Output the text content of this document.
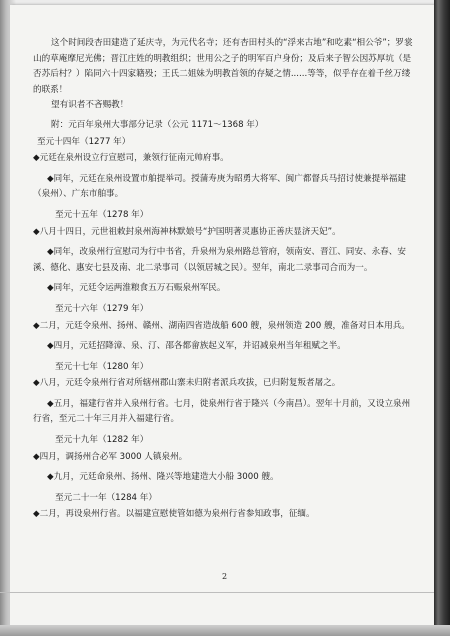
这个时间段杏田建造了延庆寺，为元代名寺；还有杏田村头的“浮来古地”和吃素“相公爷”；罗裳山的草庵摩尼光佛；晋江庄姓的明教组织；世用公之子的明军百户身份；及后来子智公因苏厚坑（是否苏后村？）陷同六十四家籍殁；王氏二姐妹为明教首领的存疑之情......等等，似乎存在着千丝万缕的联系！

望有识者不吝赐教！

附：元百年泉州大事部分记录（公元 1171～1368 年）

至元十四年（1277 年）
◆元廷在泉州设立行宣慰司，兼领行征南元帅府事。
◆同年，元廷在泉州设置市舶提举司。授蒲寿庚为昭勇大将军、闽广都督兵马招讨使兼提举福建（泉州）、广东市舶事。
至元十五年（1278 年）
◆八月十四日，元世祖敕封泉州海神林默娘号“护国明著灵惠协正善庆显济天妃”。
◆同年，改泉州行宣慰司为行中书省，升泉州为泉州路总管府，领南安、晋江、同安、永春、安溪、德化、惠安七县及南、北二录事司（以领居城之民）。翌年，南北二录事司合而为一。
◆同年，元廷令运两淮粮食五万石赈泉州军民。
至元十六年（1279 年）
◆二月，元廷令泉州、扬州、赣州、湖南四省造战船 600 艘，泉州领造 200 艘，准备对日本用兵。
◆四月，元廷招降漳、泉、汀、邵各都畲族起义军，并诏减泉州当年租赋之半。
至元十七年（1280 年）
◆八月，元廷令泉州行省对所辖州郡山寨未归附者派兵攻拔，已归附复叛者屠之。
◆五月，福建行省并入泉州行省。七月，徙泉州行省于隆兴（今南昌）。翌年十月前，又设立泉州行省，至元二十年三月并入福建行省。
至元十九年（1282 年）
◆四月，调扬州合必军 3000 人镇泉州。
◆九月，元廷命泉州、扬州、隆兴等地建造大小船 3000 艘。
至元二十一年（1284 年）
◆二月，再设泉州行省。以福建宣慰使管如德为泉州行省参知政事，征缅。
2
